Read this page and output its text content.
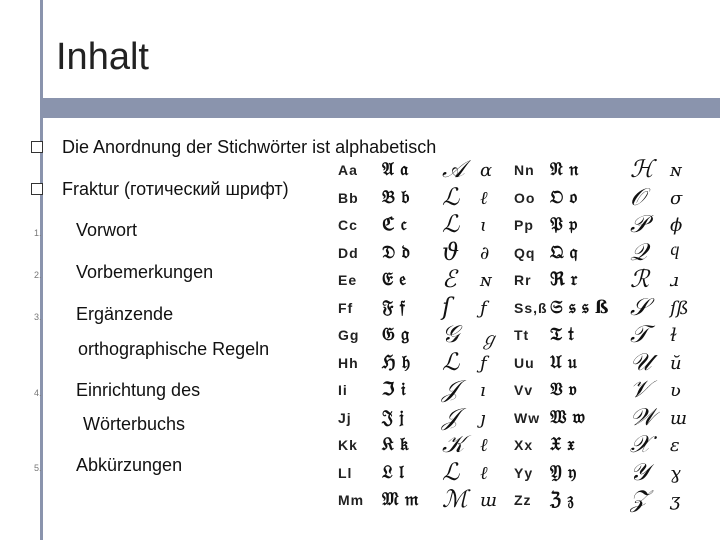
Inhalt
Die Anordnung der Stichwörter ist alphabetisch
Fraktur (готический шрифт)
1. Vorwort
2. Vorbemerkungen
3. Ergänzende
orthographische Regeln
4. Einrichtung des
Wörterbuchs
5. Abkürzungen
Aa 𝔄 𝔞 𝒜 α
Bb 𝔅 𝔟 ℒ ℓ
Cc ℭ 𝔠 ℒ ɩ
Dd 𝔇 𝔡 ϑ ∂
Ee 𝔈 𝔢 ℰ ɴ
Ff 𝔉 𝔣 ſ ƒ
Gg 𝔊 𝔤 𝒢 ℊ
Hh ℌ 𝔥 ℒ ƒ
Ii ℑ 𝔦 𝒥 ı
Jj 𝔍 𝔧 𝒥 ȷ
Kk 𝔎 𝔨 𝒦 ℓ
Ll 𝔏 𝔩 ℒ ℓ
Mm 𝔐 𝔪 ℳ ɯ
Nn 𝔑 𝔫 ℋ ɴ
Oo 𝔒 𝔬 𝒪 σ
Pp 𝔓 𝔭 𝒫 ϕ
Qq 𝔔 𝔮 𝒬 ϥ
Rr ℜ 𝔯 ℛ ɹ
Ss,ß 𝔖 𝔰 𝔰 ß 𝒮 ſß
Tt 𝔗 𝔱 𝒯 ɫ
Uu 𝔘 𝔲 𝒰 ŭ
Vv 𝔙 𝔳 𝒱 ʋ
Ww 𝔚 𝔴 𝒲 ɯ
Xx 𝔛 𝔵 𝒳 ɛ
Yy 𝔜 𝔶 𝒴 ɣ
Zz ℨ 𝔷 𝒵 ʒ
